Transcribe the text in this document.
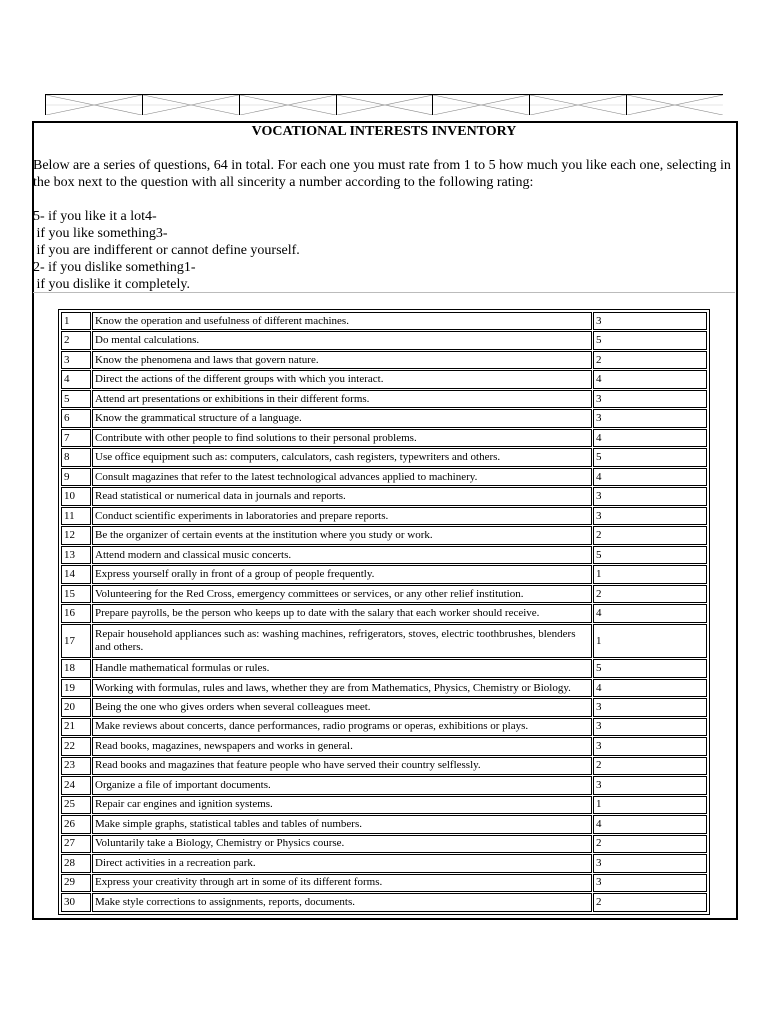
VOCATIONAL INTERESTS INVENTORY
Below are a series of questions, 64 in total. For each one you must rate from 1 to 5 how much you like each one, selecting in the box next to the question with all sincerity a number according to the following rating:
5- if you like it a lot4-
if you like something3-
if you are indifferent or cannot define yourself.
2- if you dislike something1-
if you dislike it completely.
1	Know the operation and usefulness of different machines.	3
2	Do mental calculations.	5
3	Know the phenomena and laws that govern nature.	2
4	Direct the actions of the different groups with which you interact.	4
5	Attend art presentations or exhibitions in their different forms.	3
6	Know the grammatical structure of a language.	3
7	Contribute with other people to find solutions to their personal problems.	4
8	Use office equipment such as: computers, calculators, cash registers, typewriters and others.	5
9	Consult magazines that refer to the latest technological advances applied to machinery.	4
10	Read statistical or numerical data in journals and reports.	3
11	Conduct scientific experiments in laboratories and prepare reports.	3
12	Be the organizer of certain events at the institution where you study or work.	2
13	Attend modern and classical music concerts.	5
14	Express yourself orally in front of a group of people frequently.	1
15	Volunteering for the Red Cross, emergency committees or services, or any other relief institution.	2
16	Prepare payrolls, be the person who keeps up to date with the salary that each worker should receive.	4
17	Repair household appliances such as: washing machines, refrigerators, stoves, electric toothbrushes, blenders and others.	1
18	Handle mathematical formulas or rules.	5
19	Working with formulas, rules and laws, whether they are from Mathematics, Physics, Chemistry or Biology.	4
20	Being the one who gives orders when several colleagues meet.	3
21	Make reviews about concerts, dance performances, radio programs or operas, exhibitions or plays.	3
22	Read books, magazines, newspapers and works in general.	3
23	Read books and magazines that feature people who have served their country selflessly.	2
24	Organize a file of important documents.	3
25	Repair car engines and ignition systems.	1
26	Make simple graphs, statistical tables and tables of numbers.	4
27	Voluntarily take a Biology, Chemistry or Physics course.	2
28	Direct activities in a recreation park.	3
29	Express your creativity through art in some of its different forms.	3
30	Make style corrections to assignments, reports, documents.	2
